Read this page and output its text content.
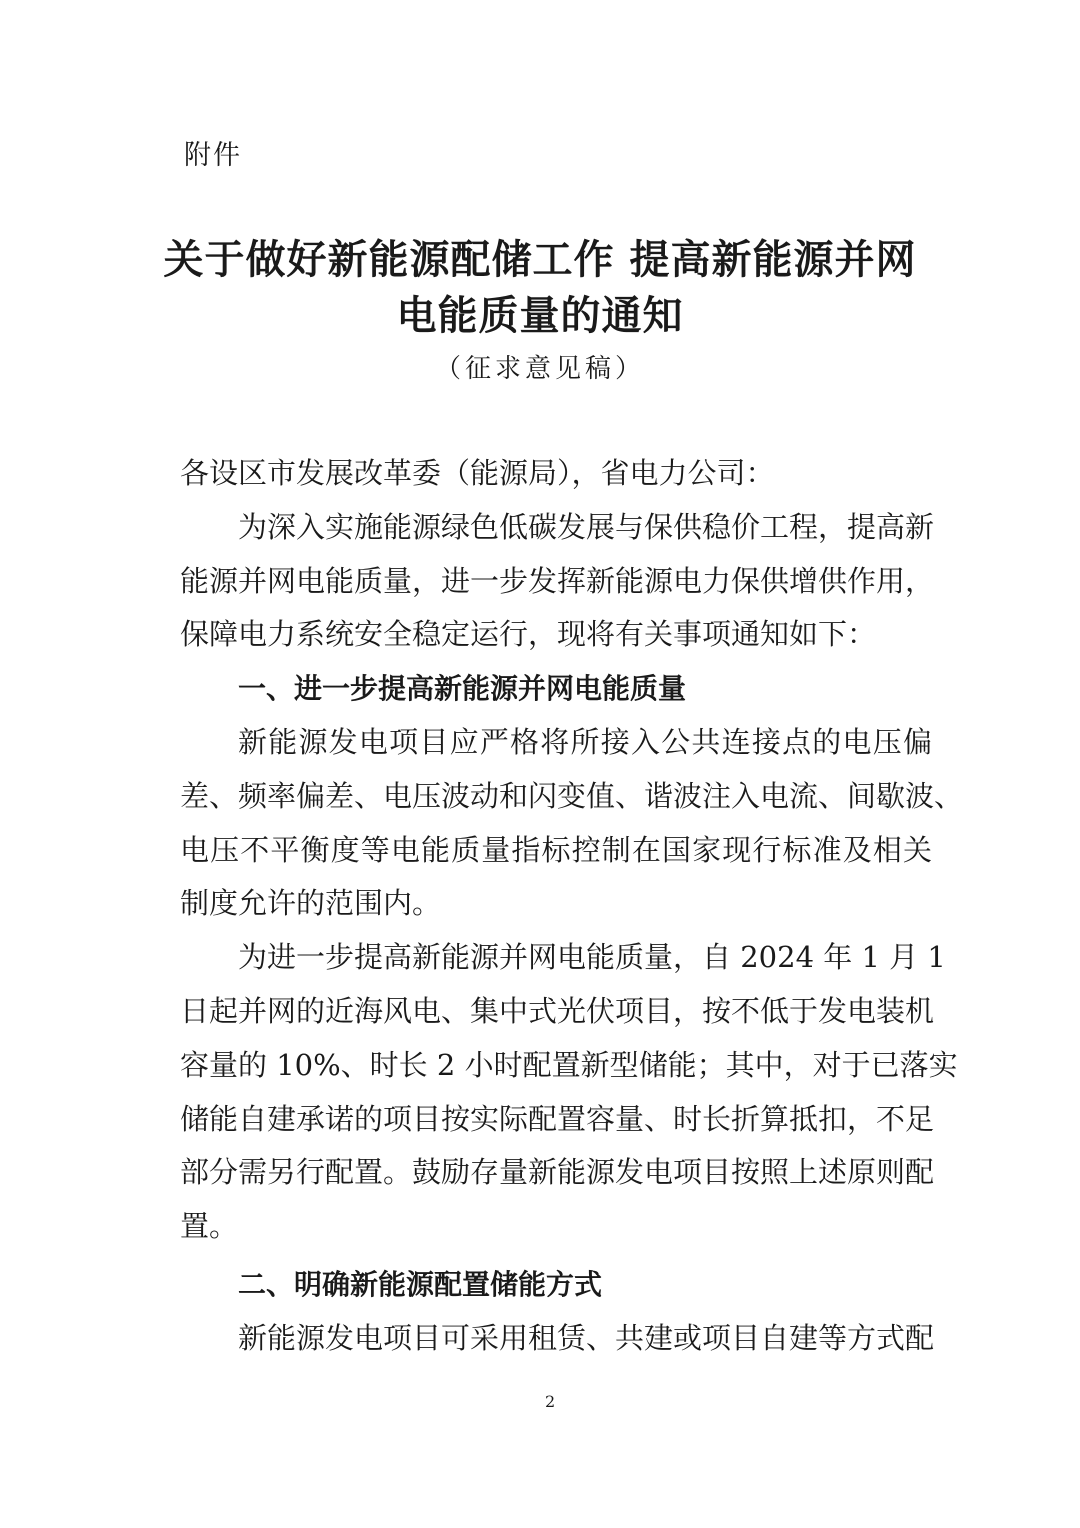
附件
关于做好新能源配储工作 提高新能源并网
电能质量的通知
（征求意见稿）
各设区市发展改革委（能源局），省电力公司：
为深入实施能源绿色低碳发展与保供稳价工程，提高新
能源并网电能质量，进一步发挥新能源电力保供增供作用，
保障电力系统安全稳定运行，现将有关事项通知如下：
一、进一步提高新能源并网电能质量
新能源发电项目应严格将所接入公共连接点的电压偏
差、频率偏差、电压波动和闪变值、谐波注入电流、间歇波、
电压不平衡度等电能质量指标控制在国家现行标准及相关
制度允许的范围内。
为进一步提高新能源并网电能质量，自 2024 年 1 月 1
日起并网的近海风电、集中式光伏项目，按不低于发电装机
容量的 10%、时长 2 小时配置新型储能；其中，对于已落实
储能自建承诺的项目按实际配置容量、时长折算抵扣，不足
部分需另行配置。鼓励存量新能源发电项目按照上述原则配
置。
二、明确新能源配置储能方式
新能源发电项目可采用租赁、共建或项目自建等方式配
2
